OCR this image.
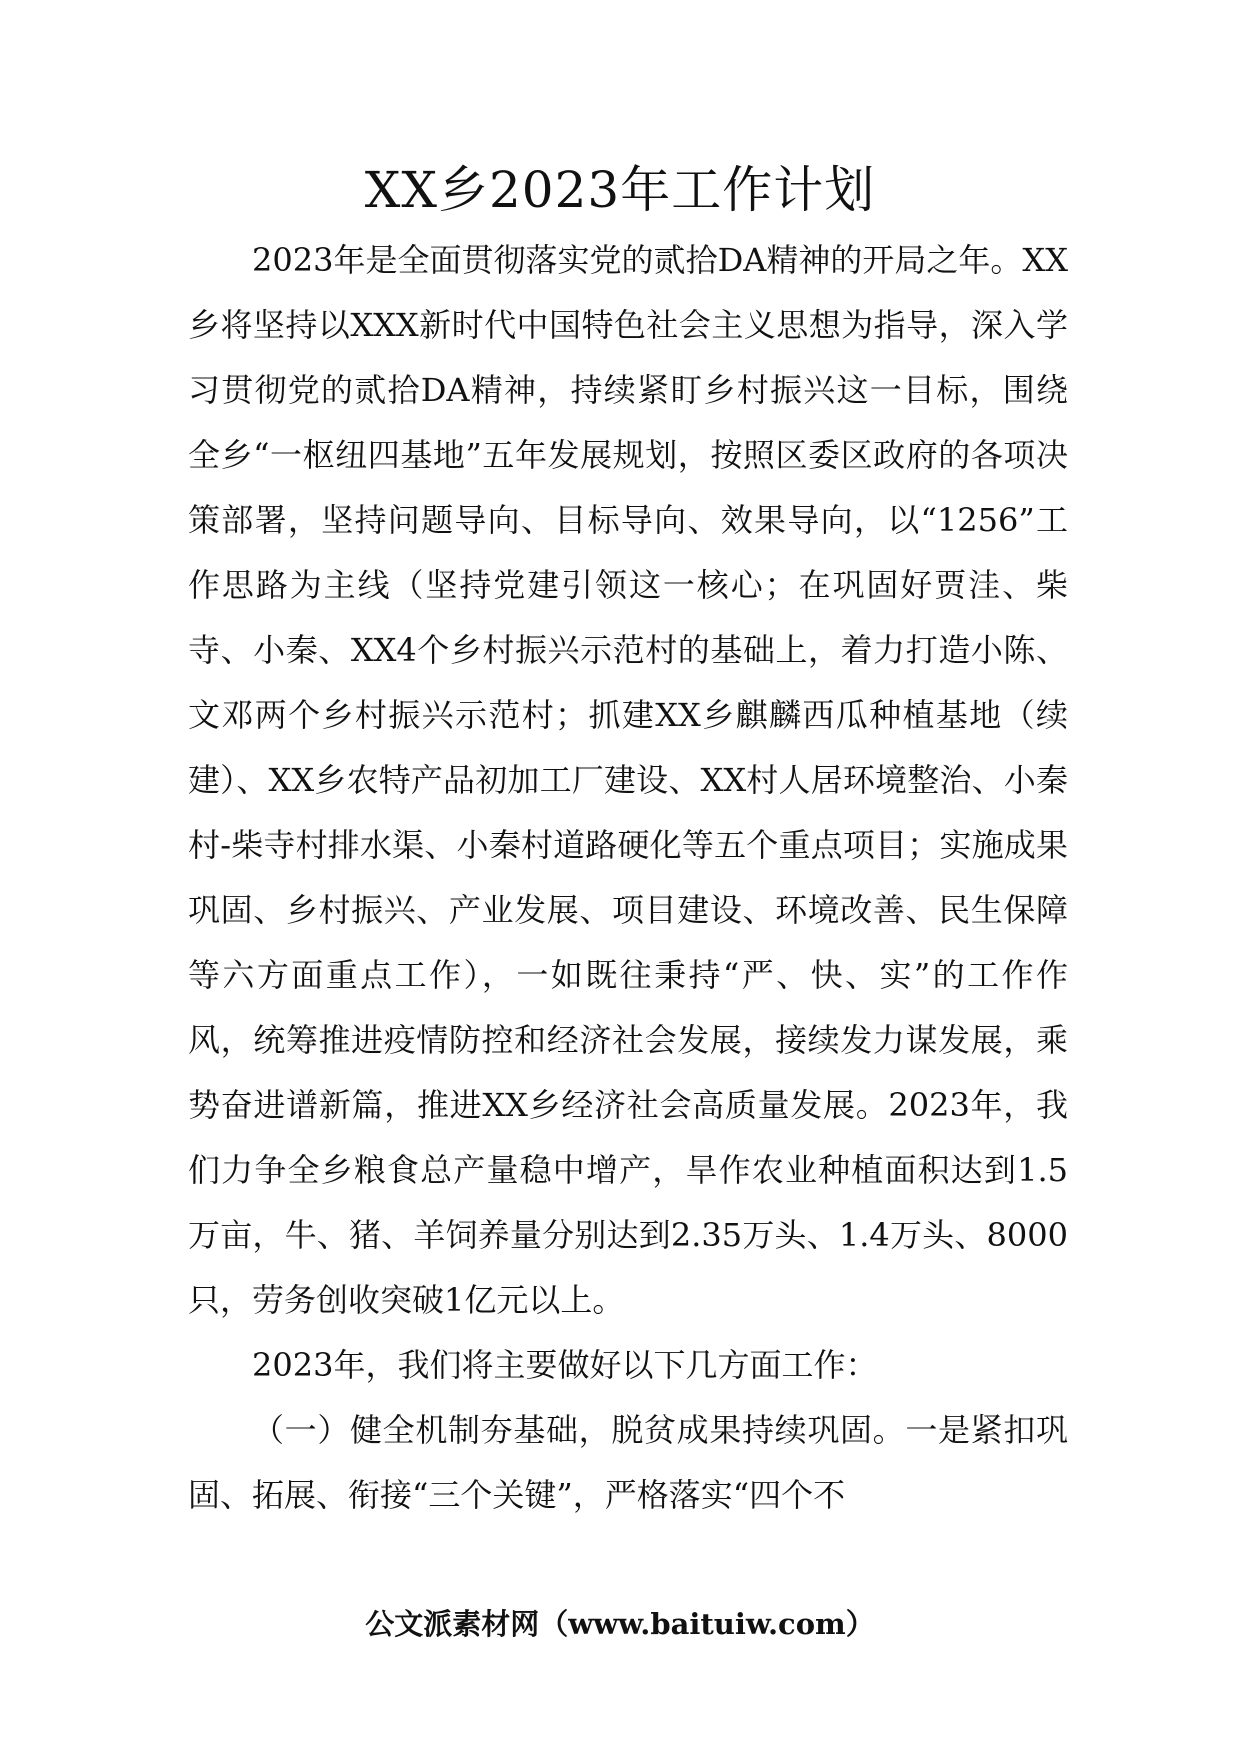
XX乡2023年工作计划

2023年是全面贯彻落实党的贰拾DA精神的开局之年。XX乡将坚持以XXX新时代中国特色社会主义思想为指导，深入学习贯彻党的贰拾DA精神，持续紧盯乡村振兴这一目标，围绕全乡“一枢纽四基地”五年发展规划，按照区委区政府的各项决策部署，坚持问题导向、目标导向、效果导向，以“1256”工作思路为主线（坚持党建引领这一核心；在巩固好贾洼、柴寺、小秦、XX4个乡村振兴示范村的基础上，着力打造小陈、文邓两个乡村振兴示范村；抓建XX乡麒麟西瓜种植基地（续建）、XX乡农特产品初加工厂建设、XX村人居环境整治、小秦村-柴寺村排水渠、小秦村道路硬化等五个重点项目；实施成果巩固、乡村振兴、产业发展、项目建设、环境改善、民生保障等六方面重点工作），一如既往秉持“严、快、实”的工作作风，统筹推进疫情防控和经济社会发展，接续发力谋发展，乘势奋进谱新篇，推进XX乡经济社会高质量发展。2023年，我们力争全乡粮食总产量稳中增产，旱作农业种植面积达到1.5万亩，牛、猪、羊饲养量分别达到2.35万头、1.4万头、8000只，劳务创收突破1亿元以上。

2023年，我们将主要做好以下几方面工作：

（一）健全机制夯基础，脱贫成果持续巩固。一是紧扣巩固、拓展、衔接“三个关键”，严格落实“四个不

公文派素材网（www.baituiw.com）
